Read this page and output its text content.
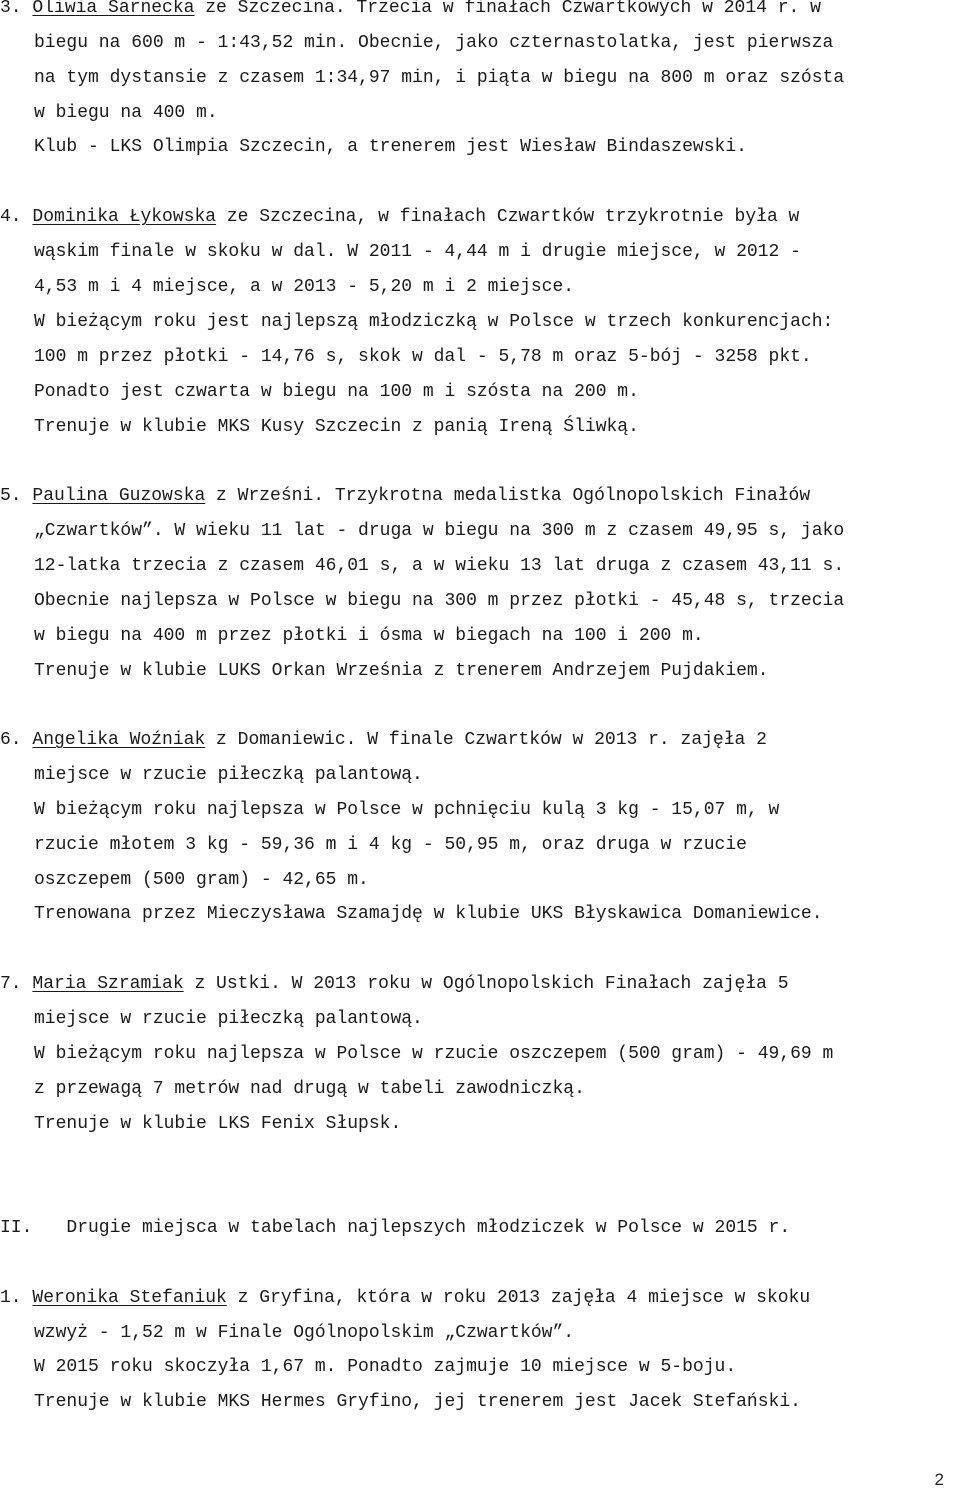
3. Oliwia Sarnecka ze Szczecina. Trzecia w finałach Czwartkowych w 2014 r. w
biegu na 600 m - 1:43,52 min. Obecnie, jako czternastolatka, jest pierwsza
na tym dystansie z czasem 1:34,97 min, i piąta w biegu na 800 m oraz szósta
w biegu na 400 m.
Klub - LKS Olimpia Szczecin, a trenerem jest Wiesław Bindaszewski.
4. Dominika Łykowska ze Szczecina, w finałach Czwartków trzykrotnie była w
wąskim finale w skoku w dal. W 2011 - 4,44 m i drugie miejsce, w 2012 -
4,53 m i 4 miejsce, a w 2013 - 5,20 m i 2 miejsce.
W bieżącym roku jest najlepszą młodziczką w Polsce w trzech konkurencjach:
100 m przez płotki - 14,76 s, skok w dal - 5,78 m oraz 5-bój - 3258 pkt.
Ponadto jest czwarta w biegu na 100 m i szósta na 200 m.
Trenuje w klubie MKS Kusy Szczecin z panią Ireną Śliwką.
5. Paulina Guzowska z Wrześni. Trzykrotna medalistka Ogólnopolskich Finałów
„Czwartków”. W wieku 11 lat - druga w biegu na 300 m z czasem 49,95 s, jako
12-latka trzecia z czasem 46,01 s, a w wieku 13 lat druga z czasem 43,11 s.
Obecnie najlepsza w Polsce w biegu na 300 m przez płotki - 45,48 s, trzecia
w biegu na 400 m przez płotki i ósma w biegach na 100 i 200 m.
Trenuje w klubie LUKS Orkan Września z trenerem Andrzejem Pujdakiem.
6. Angelika Woźniak z Domaniewic. W finale Czwartków w 2013 r. zajęła 2
miejsce w rzucie piłeczką palantową.
W bieżącym roku najlepsza w Polsce w pchnięciu kulą 3 kg - 15,07 m, w
rzucie młotem 3 kg - 59,36 m i 4 kg - 50,95 m, oraz druga w rzucie
oszczepem (500 gram) - 42,65 m.
Trenowana przez Mieczysława Szamajdę w klubie UKS Błyskawica Domaniewice.
7. Maria Szramiak z Ustki. W 2013 roku w Ogólnopolskich Finałach zajęła 5
miejsce w rzucie piłeczką palantową.
W bieżącym roku najlepsza w Polsce w rzucie oszczepem (500 gram) - 49,69 m
z przewagą 7 metrów nad drugą w tabeli zawodniczką.
Trenuje w klubie LKS Fenix Słupsk.
II. Drugie miejsca w tabelach najlepszych młodziczek w Polsce w 2015 r.
1. Weronika Stefaniuk z Gryfina, która w roku 2013 zajęła 4 miejsce w skoku
wzwyż - 1,52 m w Finale Ogólnopolskim „Czwartków”.
W 2015 roku skoczyła 1,67 m. Ponadto zajmuje 10 miejsce w 5-boju.
Trenuje w klubie MKS Hermes Gryfino, jej trenerem jest Jacek Stefański.
2
